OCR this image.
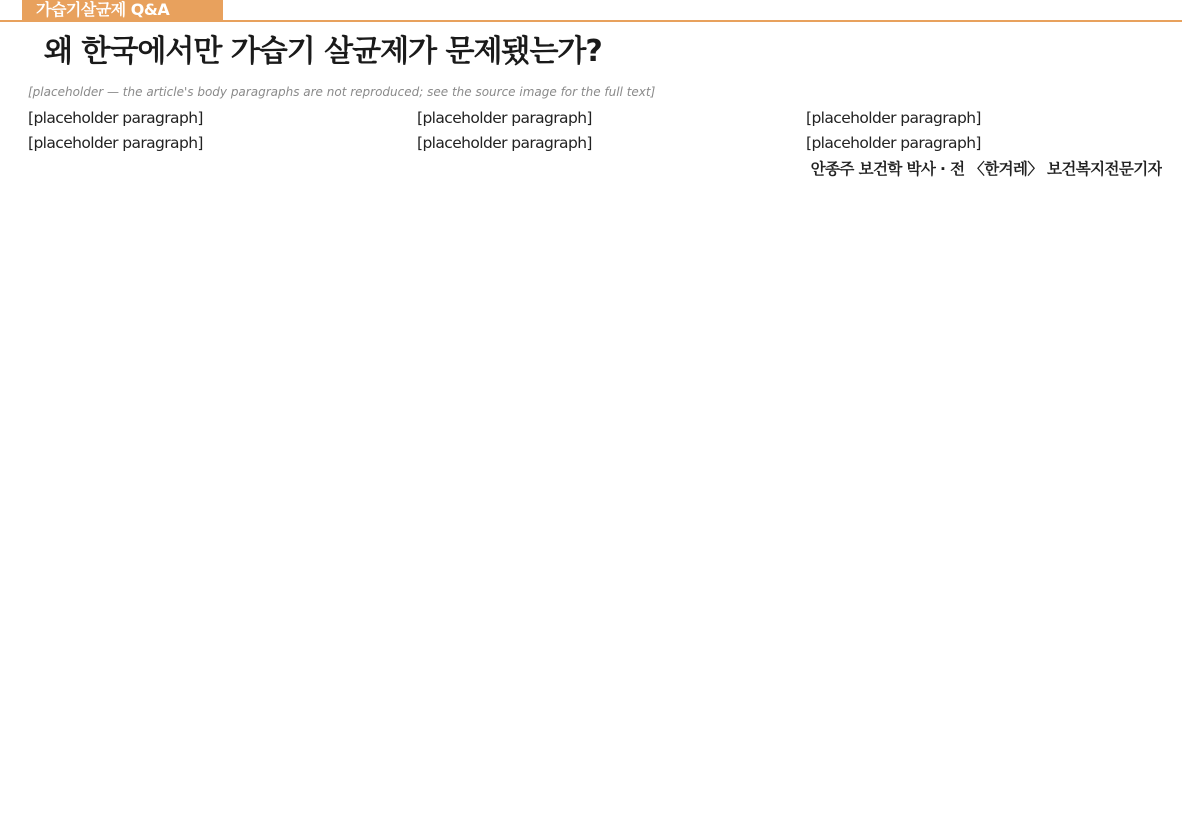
가습기살균제 Q&A
왜 한국에서만 가습기 살균제가 문제됐는가?

[placeholder — the article's body paragraphs are not reproduced; see the source image for the full text]

[placeholder paragraph]

[placeholder paragraph]

[placeholder paragraph]

[placeholder paragraph]

[placeholder paragraph]

[placeholder paragraph]

안종주 보건학 박사 · 전 〈한겨레〉 보건복지전문기자
